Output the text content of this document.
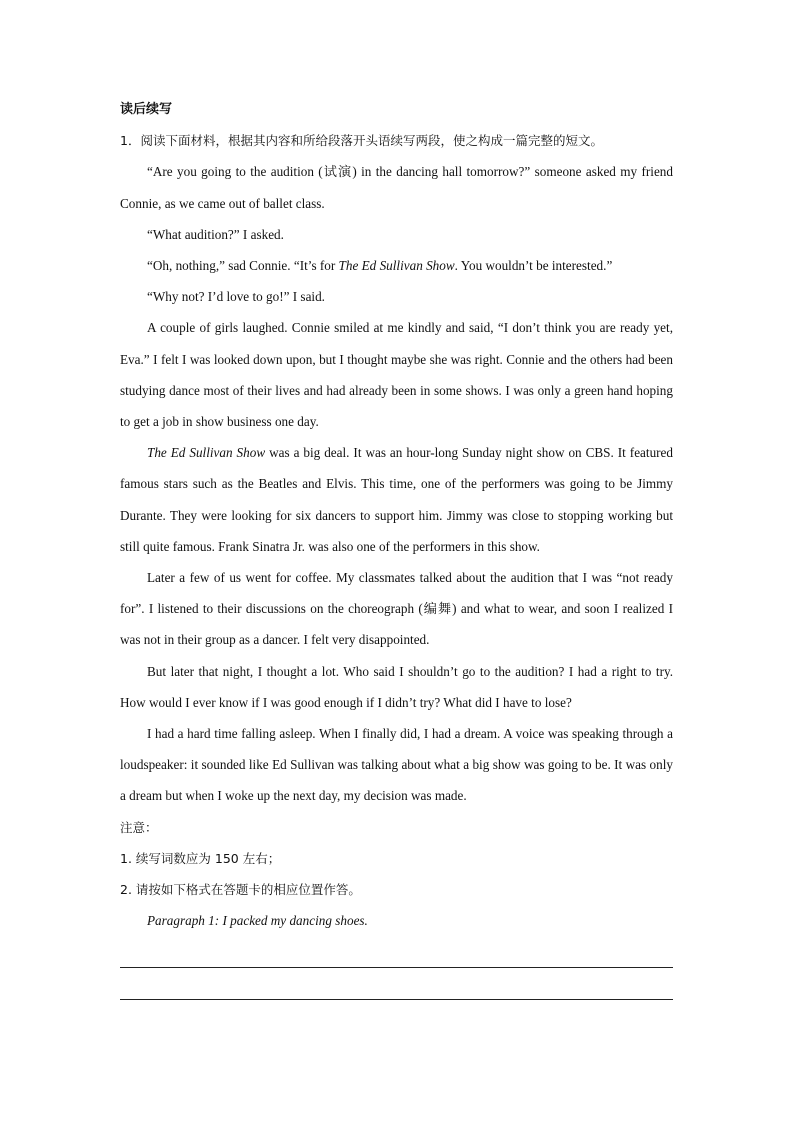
读后续写
1．阅读下面材料，根据其内容和所给段落开头语续写两段，使之构成一篇完整的短文。
“Are you going to the audition (试演) in the dancing hall tomorrow?” someone asked my friend Connie, as we came out of ballet class.
“What audition?” I asked.
“Oh, nothing,” sad Connie. “It’s for The Ed Sullivan Show. You wouldn’t be interested.”
“Why not? I’d love to go!” I said.
A couple of girls laughed. Connie smiled at me kindly and said, “I don’t think you are ready yet, Eva.” I felt I was looked down upon, but I thought maybe she was right. Connie and the others had been studying dance most of their lives and had already been in some shows. I was only a green hand hoping to get a job in show business one day.
The Ed Sullivan Show was a big deal. It was an hour-long Sunday night show on CBS. It featured famous stars such as the Beatles and Elvis. This time, one of the performers was going to be Jimmy Durante. They were looking for six dancers to support him. Jimmy was close to stopping working but still quite famous. Frank Sinatra Jr. was also one of the performers in this show.
Later a few of us went for coffee. My classmates talked about the audition that I was “not ready for”. I listened to their discussions on the choreograph (编舞) and what to wear, and soon I realized I was not in their group as a dancer. I felt very disappointed.
But later that night, I thought a lot. Who said I shouldn’t go to the audition? I had a right to try. How would I ever know if I was good enough if I didn’t try? What did I have to lose?
I had a hard time falling asleep. When I finally did, I had a dream. A voice was speaking through a loudspeaker: it sounded like Ed Sullivan was talking about what a big show was going to be. It was only a dream but when I woke up the next day, my decision was made.
注意：
1. 续写词数应为 150 左右；
2. 请按如下格式在答题卡的相应位置作答。
Paragraph 1: I packed my dancing shoes.
